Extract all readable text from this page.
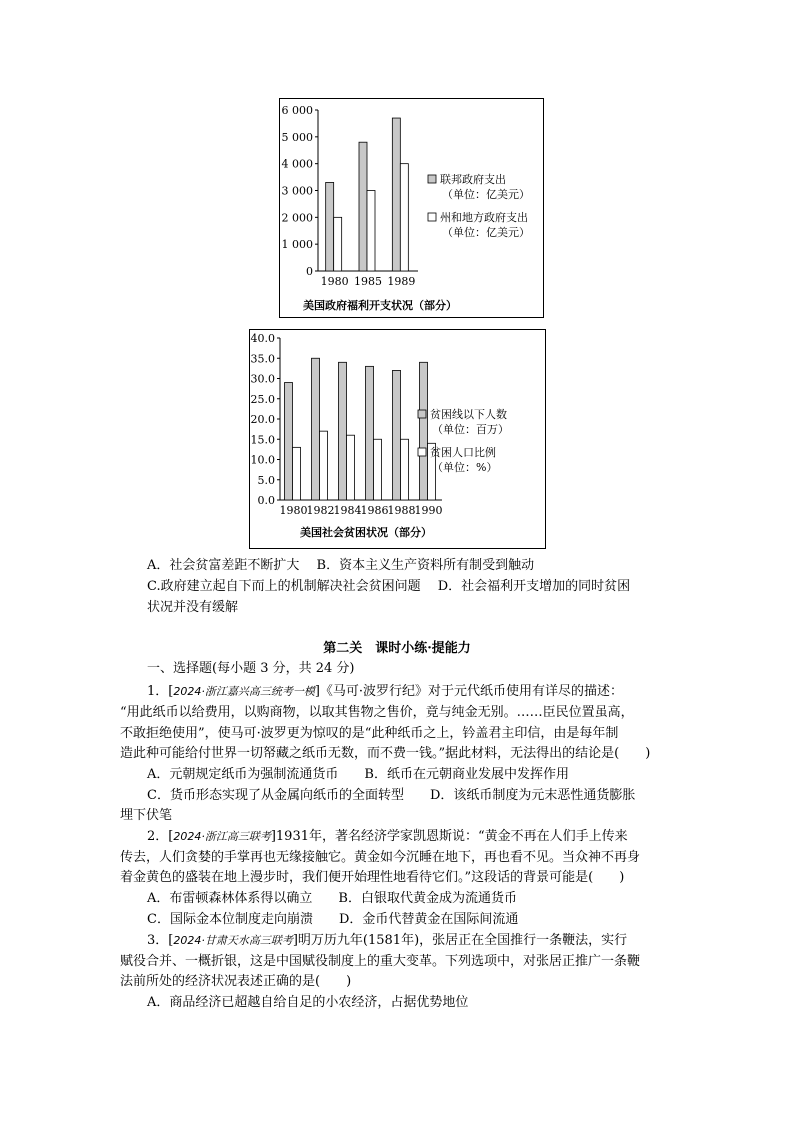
6 000
5 000
4 000
3 000
2 000
1 000
0
1980 1985 1989
联邦政府支出
（单位：亿美元）
州和地方政府支出
（单位：亿美元）
美国政府福利开支状况（部分）
40.0
35.0
30.0
25.0
20.0
15.0
10.0
5.0
0.0
1980 1982 1984 1986 1988 1990
贫困线以下人数
（单位：百万）
贫困人口比例
（单位：%）
美国社会贫困状况（部分）
A．社会贫富差距不断扩大　 B．资本主义生产资料所有制受到触动
C.政府建立起自下而上的机制解决社会贫困问题　 D．社会福利开支增加的同时贫困
状况并没有缓解
第二关　课时小练·提能力
一、选择题(每小题 3 分，共 24 分)
1．[2024·浙江嘉兴高三统考一模]《马可·波罗行纪》对于元代纸币使用有详尽的描述：
“用此纸币以给费用，以购商物，以取其售物之售价，竟与纯金无别。……臣民位置虽高，
不敢拒绝使用”，使马可·波罗更为惊叹的是“此种纸币之上，钤盖君主印信，由是每年制
造此种可能给付世界一切帑藏之纸币无数，而不费一钱。”据此材料，无法得出的结论是(　　)
A．元朝规定纸币为强制流通货币　　B．纸币在元朝商业发展中发挥作用
C．货币形态实现了从金属向纸币的全面转型　　D．该纸币制度为元末恶性通货膨胀
埋下伏笔
2．[2024·浙江高三联考]1931年，著名经济学家凯恩斯说：“黄金不再在人们手上传来
传去，人们贪婪的手掌再也无缘接触它。黄金如今沉睡在地下，再也看不见。当众神不再身
着金黄色的盛装在地上漫步时，我们便开始理性地看待它们。”这段话的背景可能是(　　)
A．布雷顿森林体系得以确立　　B．白银取代黄金成为流通货币
C．国际金本位制度走向崩溃　　D．金币代替黄金在国际间流通
3．[2024·甘肃天水高三联考]明万历九年(1581年)，张居正在全国推行一条鞭法，实行
赋役合并、一概折银，这是中国赋役制度上的重大变革。下列选项中，对张居正推广一条鞭
法前所处的经济状况表述正确的是(　　)
A．商品经济已超越自给自足的小农经济，占据优势地位
